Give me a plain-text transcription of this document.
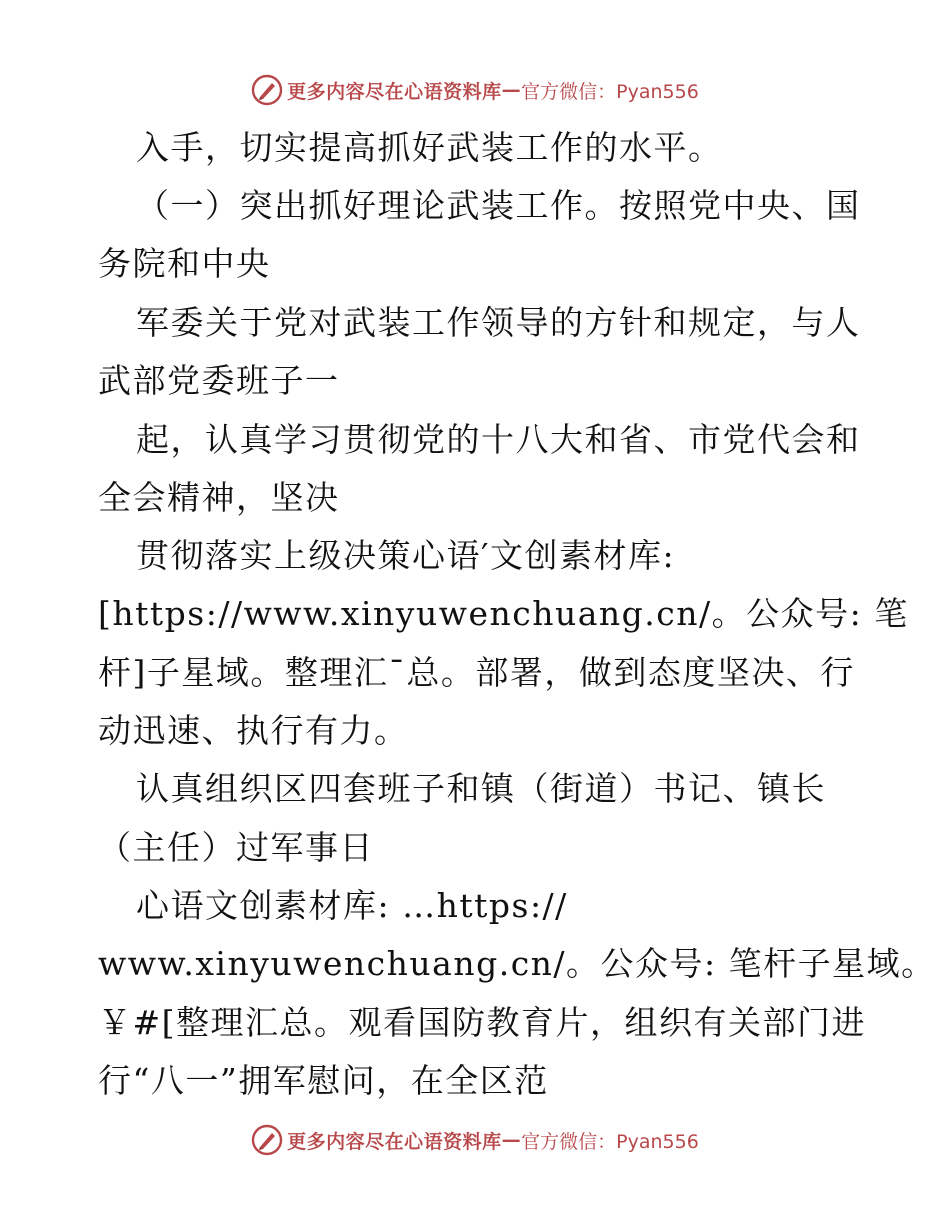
更多内容尽在心语资料库 — 官方微信：Pyan556
入手，切实提高抓好武装工作的水平。
（一）突出抓好理论武装工作。按照党中央、国
务院和中央
军委关于党对武装工作领导的方针和规定，与人
武部党委班子一
起，认真学习贯彻党的十八大和省、市党代会和
全会精神，坚决
贯彻落实上级决策心语′文创素材库:
[https://www.xinyuwenchuang.cn/。公众号: 笔
杆]子星域。整理汇¯总。部署，做到态度坚决、行
动迅速、执行有力。
认真组织区四套班子和镇（街道）书记、镇长
（主任）过军事日
心语文创素材库: …https://
www.xinyuwenchuang.cn/。公众号: 笔杆子星域。
￥#[整理汇总。观看国防教育片，组织有关部门进
行“八一”拥军慰问，在全区范
更多内容尽在心语资料库 — 官方微信：Pyan556
